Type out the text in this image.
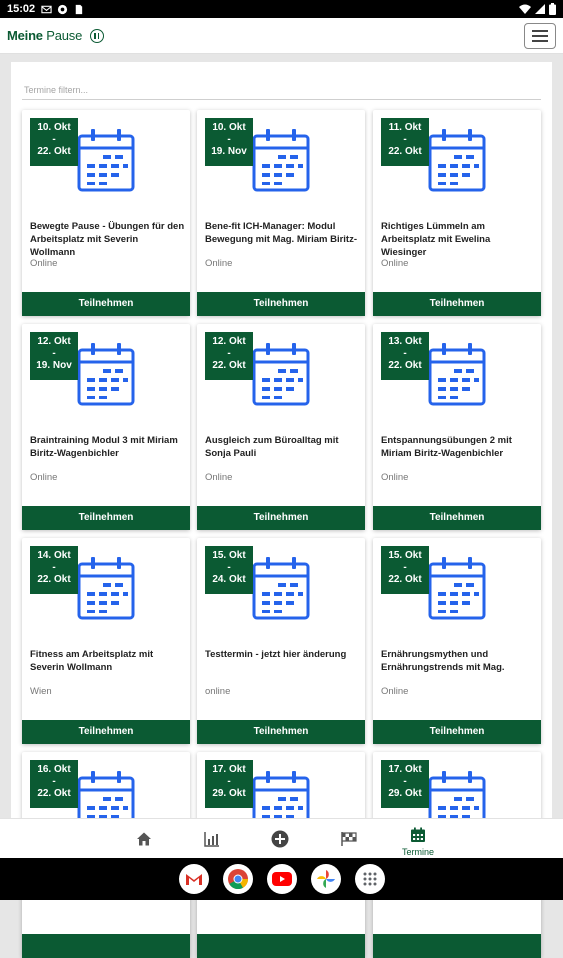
15:02
Meine Pause
Termine filtern...
10. Okt
-
22. Okt
Bewegte Pause - Übungen für den Arbeitsplatz mit Severin Wollmann
Online
Teilnehmen
10. Okt
-
19. Nov
Bene-fit ICH-Manager: Modul Bewegung mit Mag. Miriam Biritz-
Online
Teilnehmen
11. Okt
-
22. Okt
Richtiges Lümmeln am Arbeitsplatz mit Ewelina Wiesinger
Online
Teilnehmen
12. Okt
-
19. Nov
Braintraining Modul 3 mit Miriam Biritz-Wagenbichler
Online
Teilnehmen
12. Okt
-
22. Okt
Ausgleich zum Büroalltag mit Sonja Pauli
Online
Teilnehmen
13. Okt
-
22. Okt
Entspannungsübungen 2 mit Miriam Biritz-Wagenbichler
Online
Teilnehmen
14. Okt
-
22. Okt
Fitness am Arbeitsplatz mit Severin Wollmann
Wien
Teilnehmen
15. Okt
-
24. Okt
Testtermin - jetzt hier änderung
online
Teilnehmen
15. Okt
-
22. Okt
Ernährungsmythen und Ernährungstrends mit Mag.
Online
Teilnehmen
16. Okt
-
22. Okt
17. Okt
-
29. Okt
17. Okt
-
29. Okt
Termine
